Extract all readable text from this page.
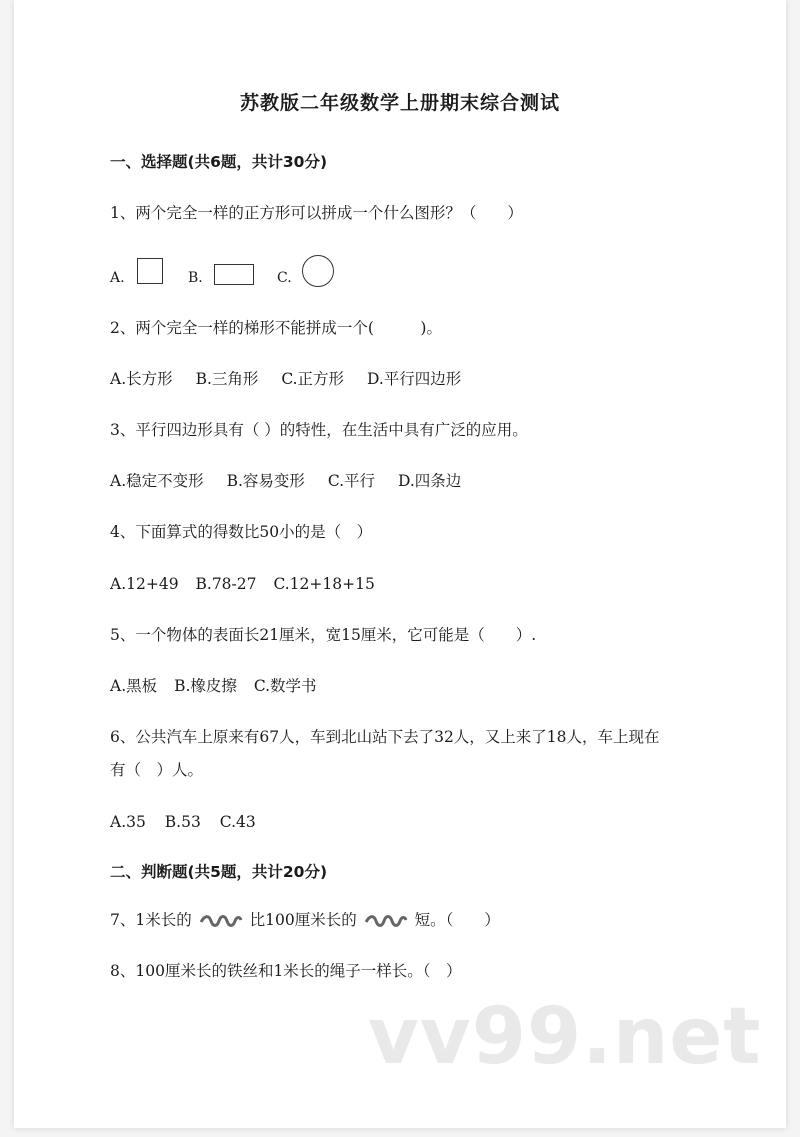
苏教版二年级数学上册期末综合测试
一、选择题(共6题，共计30分)
1、两个完全一样的正方形可以拼成一个什么图形？（　　）
A.	B.	C.
2、两个完全一样的梯形不能拼成一个(　　　)。
A.长方形 B.三角形 C.正方形 D.平行四边形
3、平行四边形具有（ ）的特性，在生活中具有广泛的应用。
A.稳定不变形 B.容易变形 C.平行 D.四条边
4、下面算式的得数比50小的是（　）
A.12+49 B.78-27 C.12+18+15
5、一个物体的表面长21厘米，宽15厘米，它可能是（　　）.
A.黑板 B.橡皮擦 C.数学书
6、公共汽车上原来有67人，车到北山站下去了32人，又上来了18人，车上现在
有（　）人。
A.35 B.53 C.43
二、判断题(共5题，共计20分)
7、1米长的	比100厘米长的	短。（　　）
8、100厘米长的铁丝和1米长的绳子一样长。（　）
vv99.net
